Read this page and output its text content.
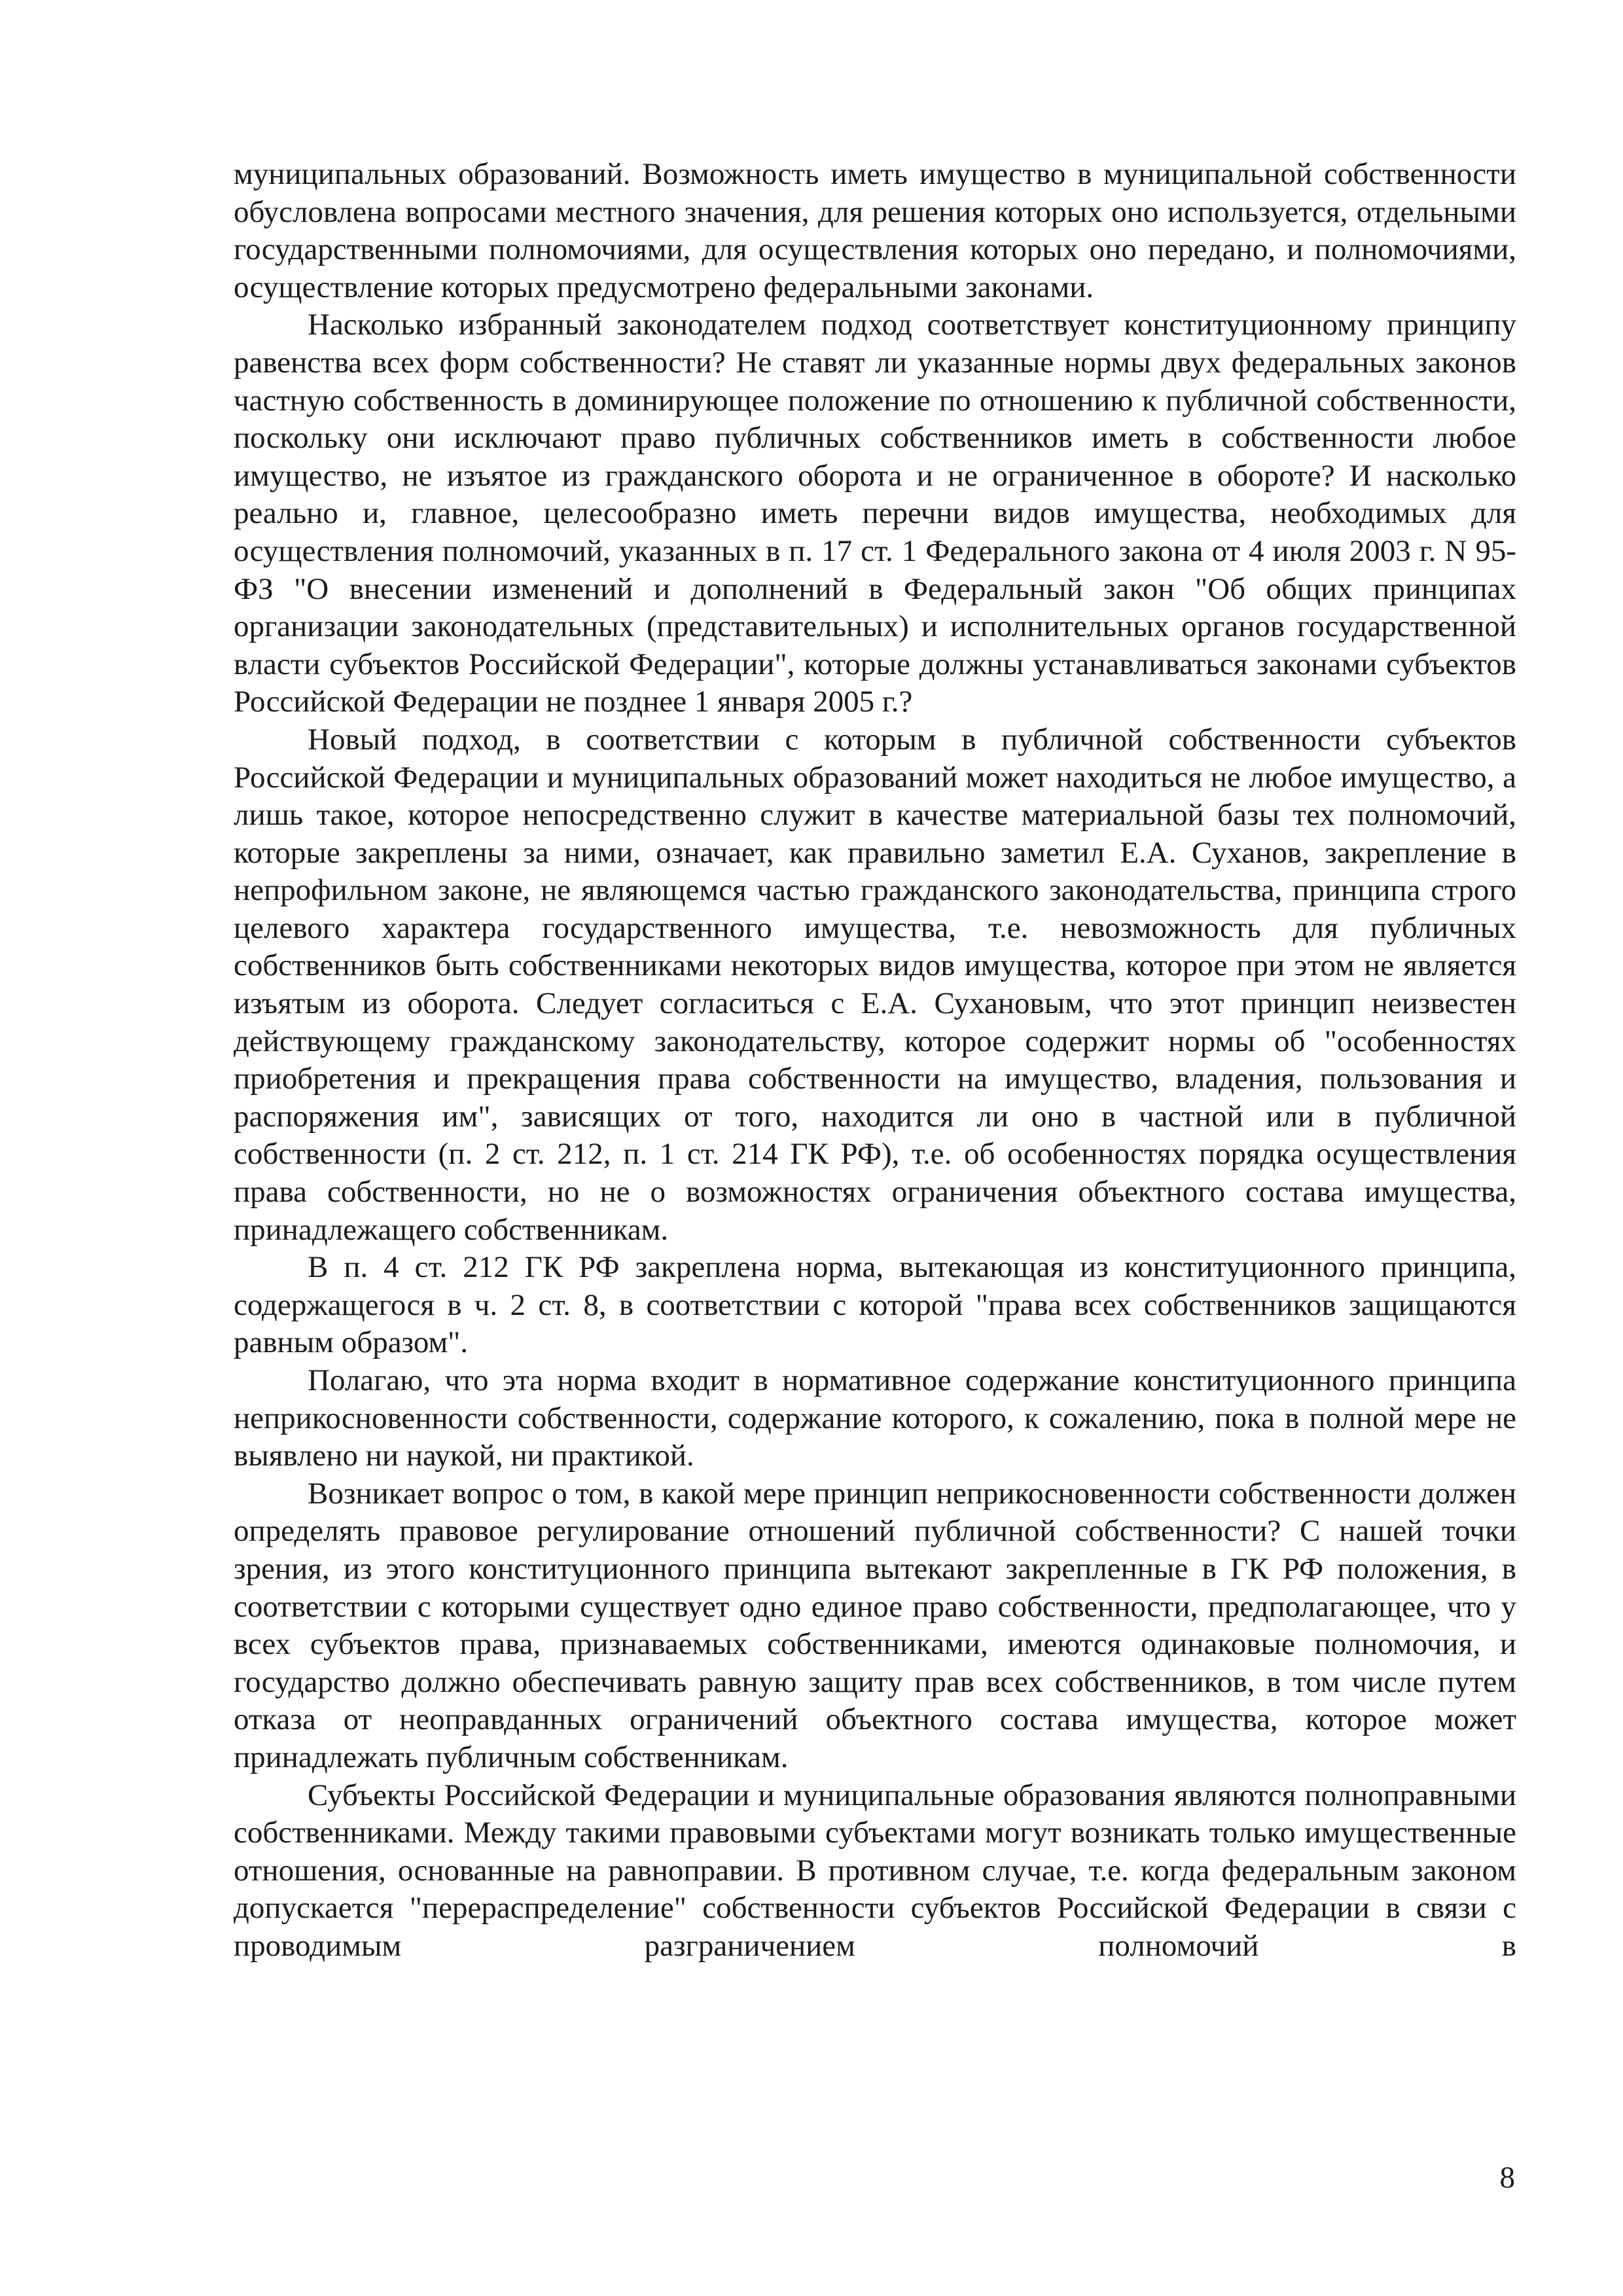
муниципальных образований. Возможность иметь имущество в муниципальной собственности обусловлена вопросами местного значения, для решения которых оно используется, отдельными государственными полномочиями, для осуществления которых оно передано, и полномочиями, осуществление которых предусмотрено федеральными законами.

Насколько избранный законодателем подход соответствует конституционному принципу равенства всех форм собственности? Не ставят ли указанные нормы двух федеральных законов частную собственность в доминирующее положение по отношению к публичной собственности, поскольку они исключают право публичных собственников иметь в собственности любое имущество, не изъятое из гражданского оборота и не ограниченное в обороте? И насколько реально и, главное, целесообразно иметь перечни видов имущества, необходимых для осуществления полномочий, указанных в п. 17 ст. 1 Федерального закона от 4 июля 2003 г. N 95-ФЗ "О внесении изменений и дополнений в Федеральный закон "Об общих принципах организации законодательных (представительных) и исполнительных органов государственной власти субъектов Российской Федерации", которые должны устанавливаться законами субъектов Российской Федерации не позднее 1 января 2005 г.?

Новый подход, в соответствии с которым в публичной собственности субъектов Российской Федерации и муниципальных образований может находиться не любое имущество, а лишь такое, которое непосредственно служит в качестве материальной базы тех полномочий, которые закреплены за ними, означает, как правильно заметил Е.А. Суханов, закрепление в непрофильном законе, не являющемся частью гражданского законодательства, принципа строго целевого характера государственного имущества, т.е. невозможность для публичных собственников быть собственниками некоторых видов имущества, которое при этом не является изъятым из оборота. Следует согласиться с Е.А. Сухановым, что этот принцип неизвестен действующему гражданскому законодательству, которое содержит нормы об "особенностях приобретения и прекращения права собственности на имущество, владения, пользования и распоряжения им", зависящих от того, находится ли оно в частной или в публичной собственности (п. 2 ст. 212, п. 1 ст. 214 ГК РФ), т.е. об особенностях порядка осуществления права собственности, но не о возможностях ограничения объектного состава имущества, принадлежащего собственникам.

В п. 4 ст. 212 ГК РФ закреплена норма, вытекающая из конституционного принципа, содержащегося в ч. 2 ст. 8, в соответствии с которой "права всех собственников защищаются равным образом".

Полагаю, что эта норма входит в нормативное содержание конституционного принципа неприкосновенности собственности, содержание которого, к сожалению, пока в полной мере не выявлено ни наукой, ни практикой.

Возникает вопрос о том, в какой мере принцип неприкосновенности собственности должен определять правовое регулирование отношений публичной собственности? С нашей точки зрения, из этого конституционного принципа вытекают закрепленные в ГК РФ положения, в соответствии с которыми существует одно единое право собственности, предполагающее, что у всех субъектов права, признаваемых собственниками, имеются одинаковые полномочия, и государство должно обеспечивать равную защиту прав всех собственников, в том числе путем отказа от неоправданных ограничений объектного состава имущества, которое может принадлежать публичным собственникам.

Субъекты Российской Федерации и муниципальные образования являются полноправными собственниками. Между такими правовыми субъектами могут возникать только имущественные отношения, основанные на равноправии. В противном случае, т.е. когда федеральным законом допускается "перераспределение" собственности субъектов Российской Федерации в связи с проводимым разграничением полномочий в

8
